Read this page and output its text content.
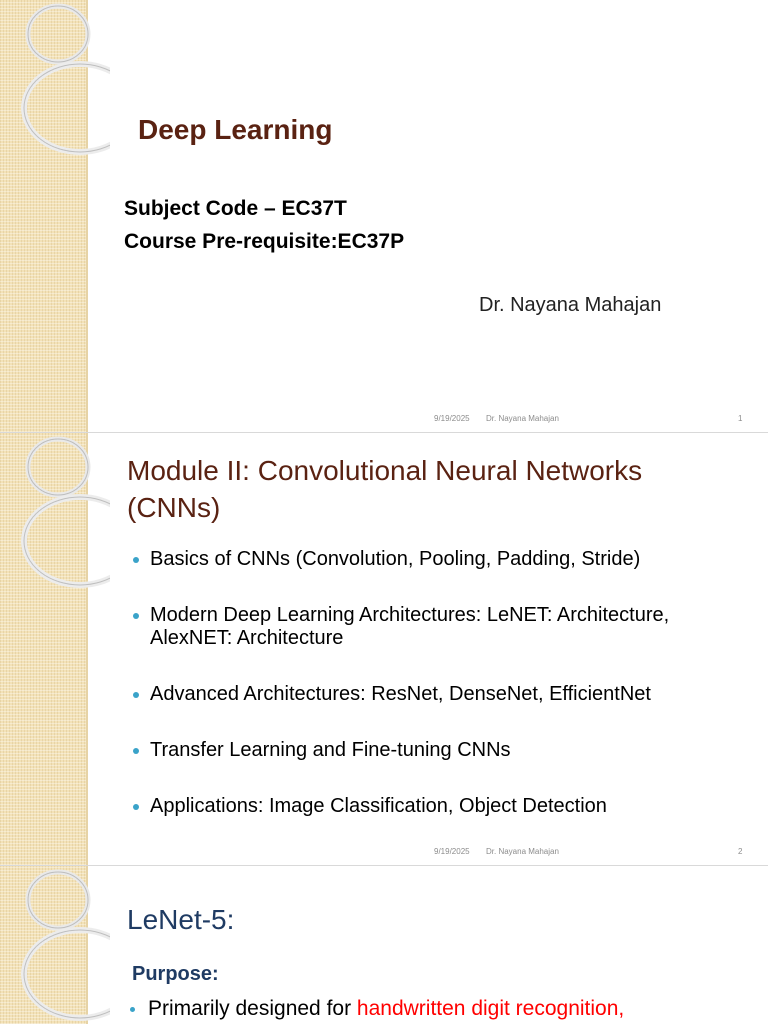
Deep Learning
Subject Code – EC37T
Course Pre-requisite:EC37P
Dr. Nayana Mahajan
9/19/2025 Dr. Nayana Mahajan	1
9/19/2025 Dr. Nayana Mahajan	2
Module II: Convolutional Neural Networks (CNNs)
Basics of CNNs (Convolution, Pooling, Padding, Stride)
Modern Deep Learning Architectures: LeNET: Architecture, AlexNET: Architecture
Advanced Architectures: ResNet, DenseNet, EfficientNet
Transfer Learning and Fine-tuning CNNs
Applications: Image Classification, Object Detection
LeNet-5:
Purpose:
Primarily designed for handwritten digit recognition,
